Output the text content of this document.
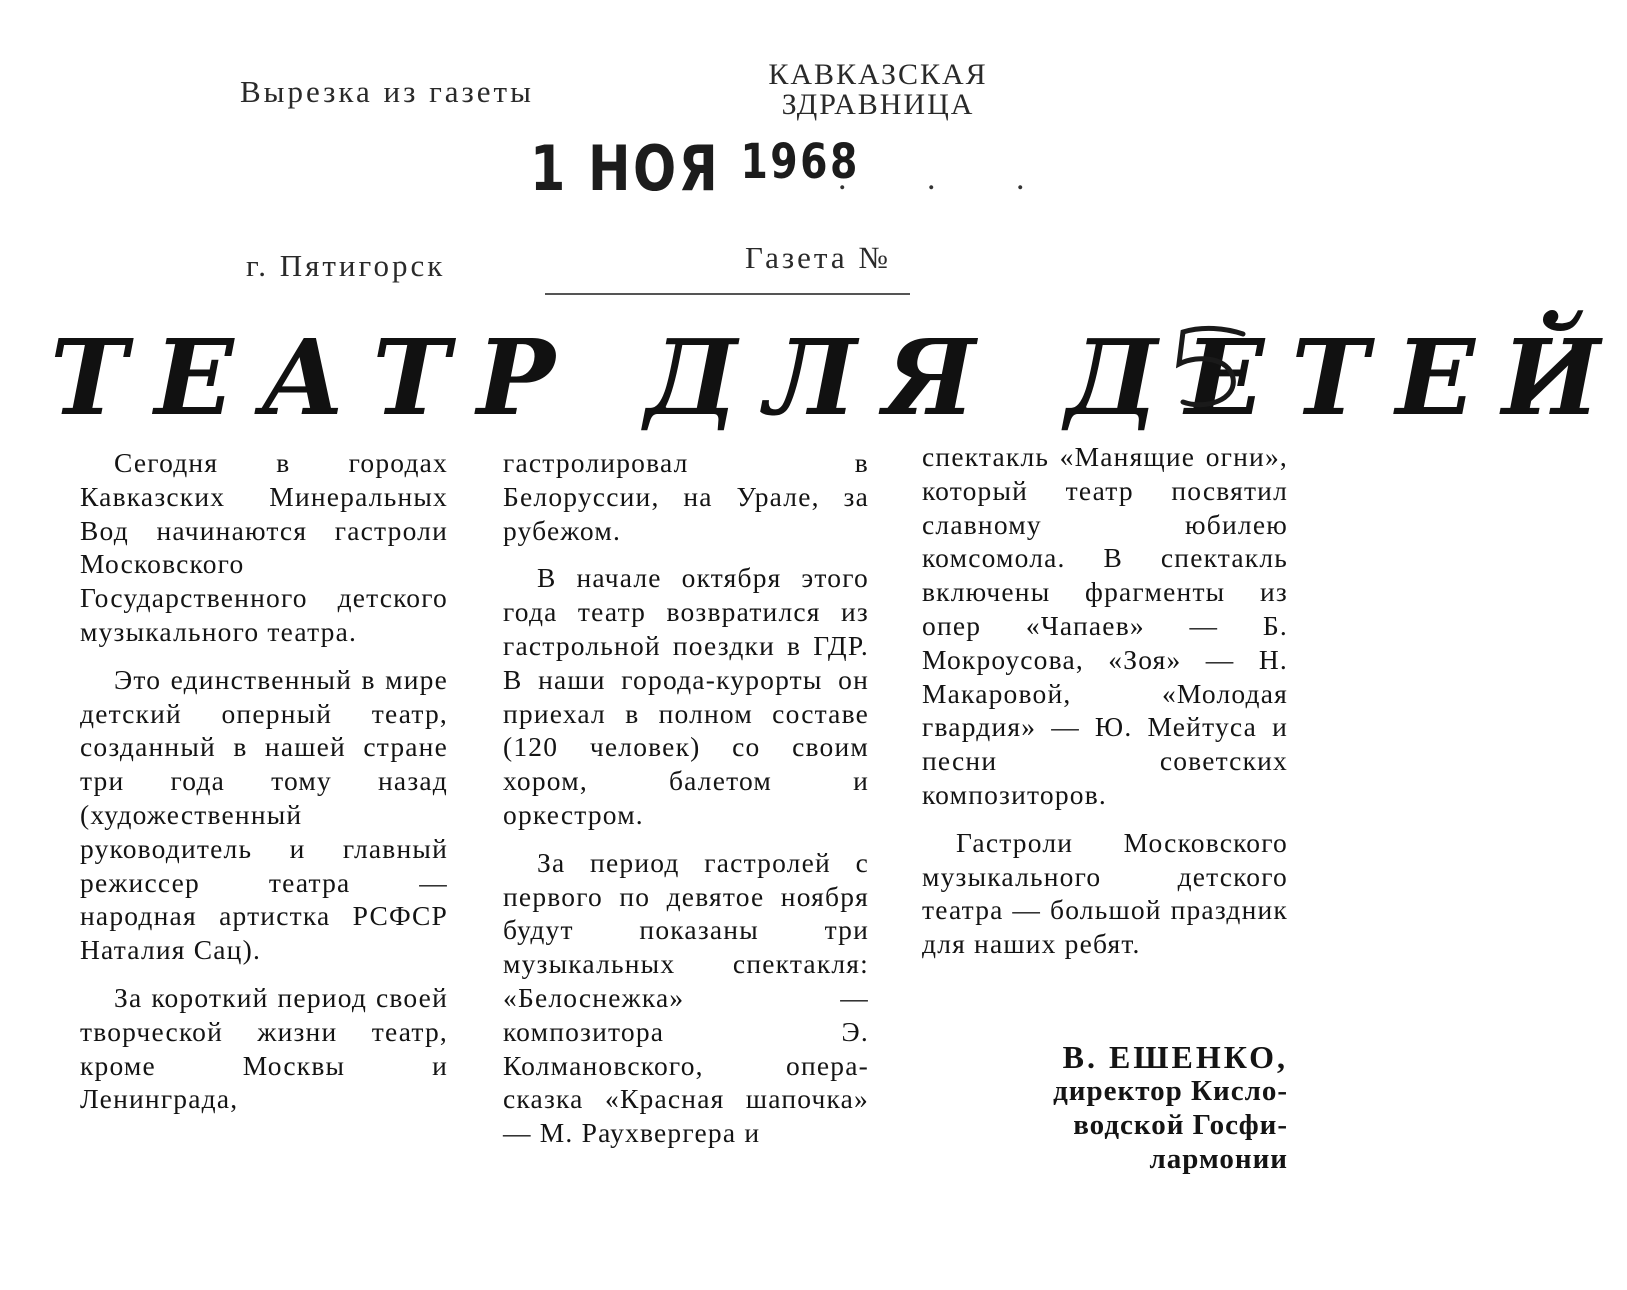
Вырезка из газеты	КАВКАЗСКАЯ
ЗДРАВНИЦА
1 НОЯ 1968
. . .
г. Пятигорск	Газета №
ТЕАТР ДЛЯ ДЕТЕЙ

Сегодня в городах Кавказских Минеральных Вод начинаются гастроли Московского Государственного детского музыкального театра.

Это единственный в мире детский оперный театр, созданный в нашей стране три года тому назад (художественный руководитель и главный режиссер театра — народная артистка РСФСР Наталия Сац).

За короткий период своей творческой жизни театр, кроме Москвы и Ленинграда,

гастролировал в Белоруссии, на Урале, за рубежом.

В начале октября этого года театр возвратился из гастрольной поездки в ГДР. В наши города-курорты он приехал в полном составе (120 человек) со своим хором, балетом и оркестром.

За период гастролей с первого по девятое ноября будут показаны три музыкальных спектакля: «Белоснежка» — композитора Э. Колмановского, опера-сказка «Красная шапочка» — М. Раухвергера и

спектакль «Манящие огни», который театр посвятил славному юбилею комсомола. В спектакль включены фрагменты из опер «Чапаев» — Б. Мокроусова, «Зоя» — Н. Макаровой, «Молодая гвардия» — Ю. Мейтуса и песни советских композиторов.

Гастроли Московского музыкального детского театра — большой праздник для наших ребят.

В. ЕШЕНКО,
директор Кисло-
водской Госфи-
лармонии
